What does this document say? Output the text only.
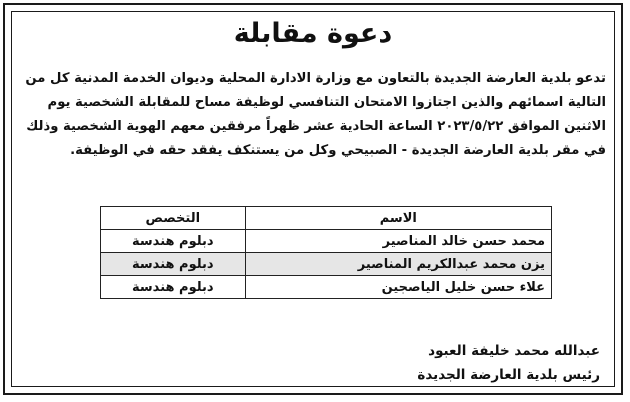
دعوة مقابلة
تدعو بلدية العارضة الجديدة بالتعاون مع وزارة الادارة المحلية وديوان الخدمة المدنية كل من
التالية اسمائهم والذين اجتازوا الامتحان التنافسي لوظيفة مساح للمقابلة الشخصية يوم
الاثنين الموافق ٢٠٢٣/٥/٢٢ الساعة الحادية عشر ظهراً مرفقين معهم الهوية الشخصية وذلك
في مقر بلدية العارضة الجديدة - الصبيحي وكل من يستنكف يفقد حقه في الوظيفة.
الاسم	التخصص
محمد حسن خالد المناصير	دبلوم هندسة
يزن محمد عبدالكريم المناصير	دبلوم هندسة
علاء حسن خليل الياصجين	دبلوم هندسة
عبدالله محمد خليفة العبود
رئيس بلدية العارضة الجديدة
